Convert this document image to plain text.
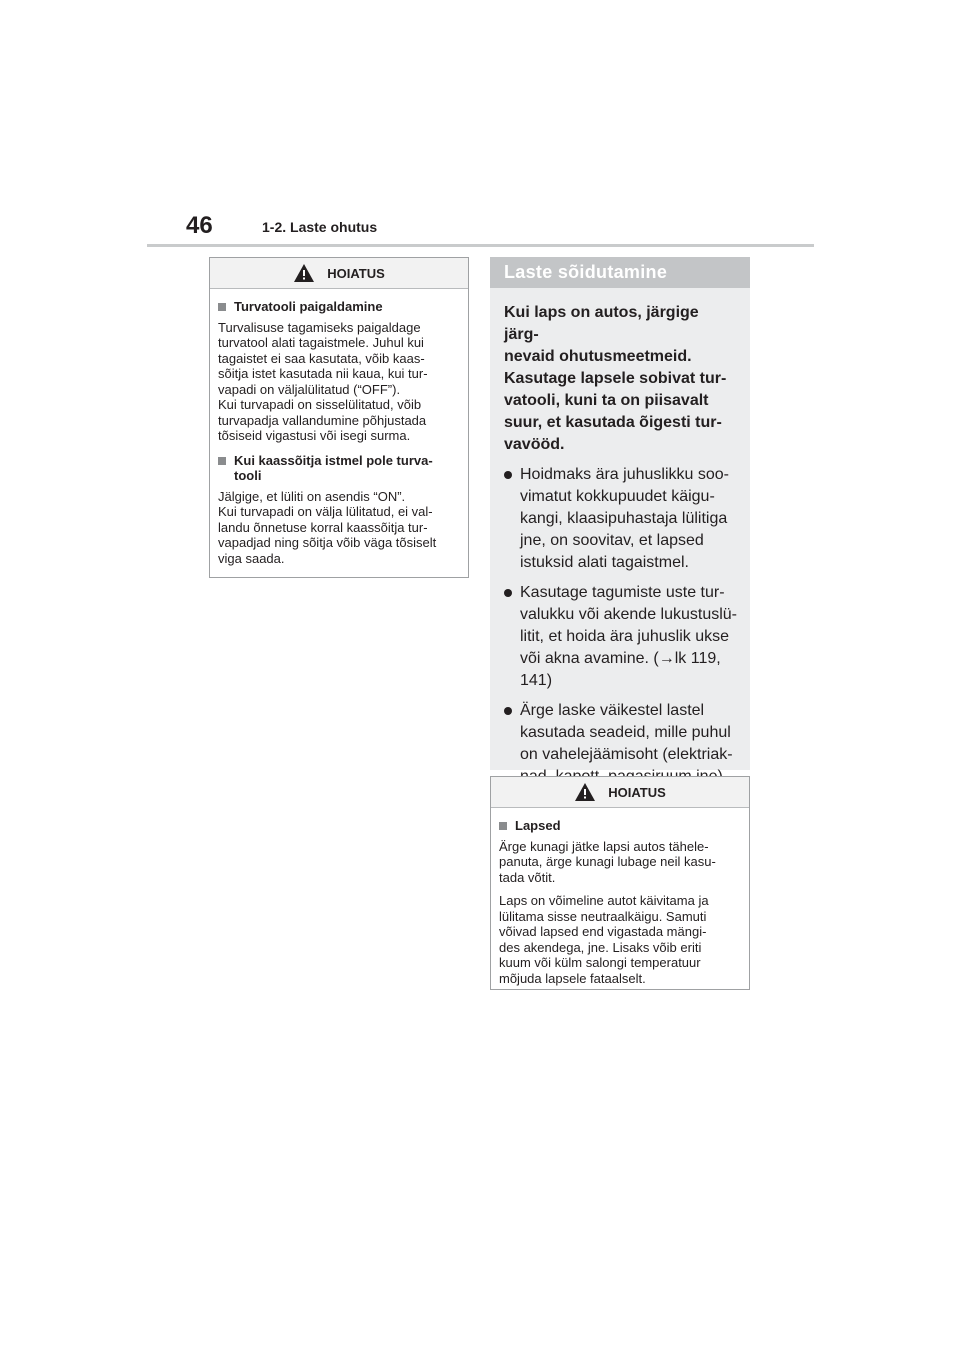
46	1-2. Laste ohutus
HOIATUS

Turvatooli paigaldamine

Turvalisuse tagamiseks paigaldage
turvatool alati tagaistmele. Juhul kui
tagaistet ei saa kasutata, võib kaas-
sõitja istet kasutada nii kaua, kui tur-
vapadi on väljalülitatud (“OFF”).
Kui turvapadi on sisselülitatud, võib
turvapadja vallandumine põhjustada
tõsiseid vigastusi või isegi surma.

Kui kaassõitja istmel pole turva-
tooli

Jälgige, et lüliti on asendis “ON”.
Kui turvapadi on välja lülitatud, ei val-
landu õnnetuse korral kaassõitja tur-
vapadjad ning sõitja võib väga tõsiselt
viga saada.

Laste sõidutamine

Kui laps on autos, järgige järg-
nevaid ohutusmeetmeid.
Kasutage lapsele sobivat tur-
vatooli, kuni ta on piisavalt
suur, et kasutada õigesti tur-
vavööd.

Hoidmaks ära juhuslikku soo-
vimatut kokkupuudet käigu-
kangi, klaasipuhastaja lülitiga
jne, on soovitav, et lapsed
istuksid alati tagaistmel.
Kasutage tagumiste uste tur-
valukku või akende lukustuslü-
litit, et hoida ära juhuslik ukse
või akna avamine. (→lk 119,
141)
Ärge laske väikestel lastel
kasutada seadeid, mille puhul
on vahelejäämisoht (elektriak-

HOIATUS

Lapsed

Ärge kunagi jätke lapsi autos tähele-
panuta, ärge kunagi lubage neil kasu-
tada võtit.

Laps on võimeline autot käivitama ja
lülitama sisse neutraalkäigu. Samuti
võivad lapsed end vigastada mängi-
des akendega, jne. Lisaks võib eriti
kuum või külm salongi temperatuur
mõjuda lapsele fataalselt.
